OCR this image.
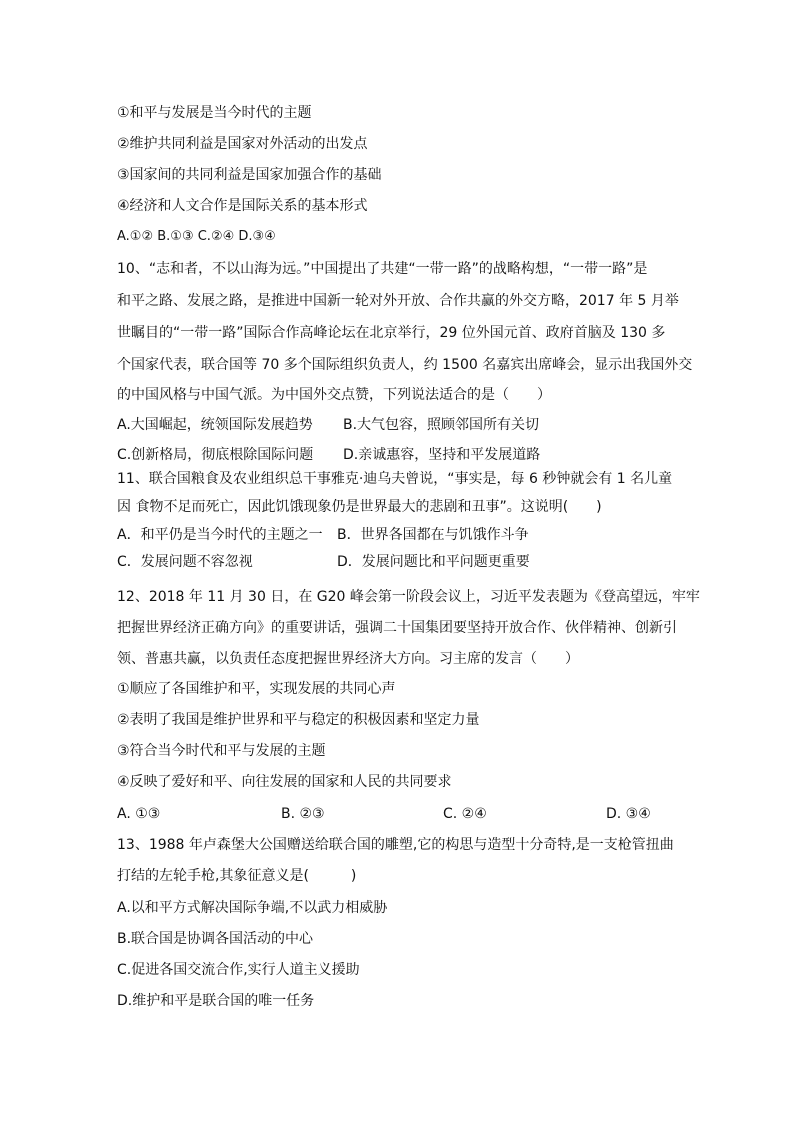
①和平与发展是当今时代的主题
②维护共同利益是国家对外活动的出发点
③国家间的共同利益是国家加强合作的基础
④经济和人文合作是国际关系的基本形式
A.①② B.①③ C.②④ D.③④
10、“志和者，不以山海为远。”中国提出了共建“一带一路”的战略构想，“一带一路”是
和平之路、发展之路，是推进中国新一轮对外开放、合作共赢的外交方略，2017 年 5 月举
世瞩目的“一带一路”国际合作高峰论坛在北京举行，29 位外国元首、政府首脑及 130 多
个国家代表，联合国等 70 多个国际组织负责人，约 1500 名嘉宾出席峰会，显示出我国外交
的中国风格与中国气派。为中国外交点赞，下列说法适合的是（　　）
A.大国崛起，统领国际发展趋势 B.大气包容，照顾邻国所有关切
C.创新格局，彻底根除国际问题 D.亲诚惠容，坚持和平发展道路
11、联合国粮食及农业组织总干事雅克·迪乌夫曾说，“事实是，每 6 秒钟就会有 1 名儿童
因 食物不足而死亡，因此饥饿现象仍是世界最大的悲剧和丑事”。这说明(　　)
A．和平仍是当今时代的主题之一 B．世界各国都在与饥饿作斗争
C．发展问题不容忽视	D．发展问题比和平问题更重要
12、2018 年 11 月 30 日，在 G20 峰会第一阶段会议上，习近平发表题为《登高望远，牢牢
把握世界经济正确方向》的重要讲话，强调二十国集团要坚持开放合作、伙伴精神、创新引
领、普惠共赢，以负责任态度把握世界经济大方向。习主席的发言（　　）
①顺应了各国维护和平，实现发展的共同心声
②表明了我国是维护世界和平与稳定的积极因素和坚定力量
③符合当今时代和平与发展的主题
④反映了爱好和平、向往发展的国家和人民的共同要求
A. ①③	B. ②③	C. ②④	D. ③④
13、1988 年卢森堡大公国赠送给联合国的雕塑,它的构思与造型十分奇特,是一支枪管扭曲
打结的左轮手枪,其象征意义是(　　　)
A.以和平方式解决国际争端,不以武力相威胁
B.联合国是协调各国活动的中心
C.促进各国交流合作,实行人道主义援助
D.维护和平是联合国的唯一任务
